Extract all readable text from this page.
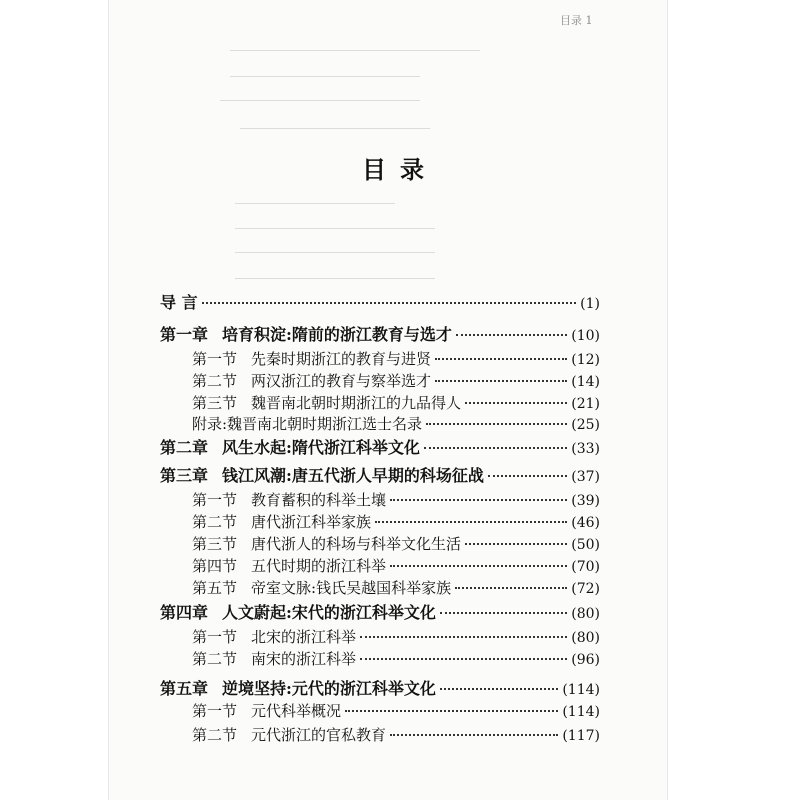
目录 1
目录
导 言	(1)
第一章 培育积淀:隋前的浙江教育与选才	(10)
第一节 先秦时期浙江的教育与进贤	(12)
第二节 两汉浙江的教育与察举选才	(14)
第三节 魏晋南北朝时期浙江的九品得人	(21)
附录:魏晋南北朝时期浙江选士名录	(25)
第二章 风生水起:隋代浙江科举文化	(33)
第三章 钱江风潮:唐五代浙人早期的科场征战	(37)
第一节 教育蓄积的科举土壤	(39)
第二节 唐代浙江科举家族	(46)
第三节 唐代浙人的科场与科举文化生活	(50)
第四节 五代时期的浙江科举	(70)
第五节 帝室文脉:钱氏吴越国科举家族	(72)
第四章 人文蔚起:宋代的浙江科举文化	(80)
第一节 北宋的浙江科举	(80)
第二节 南宋的浙江科举	(96)
第五章 逆境坚持:元代的浙江科举文化	(114)
第一节 元代科举概况	(114)
第二节 元代浙江的官私教育	(117)
